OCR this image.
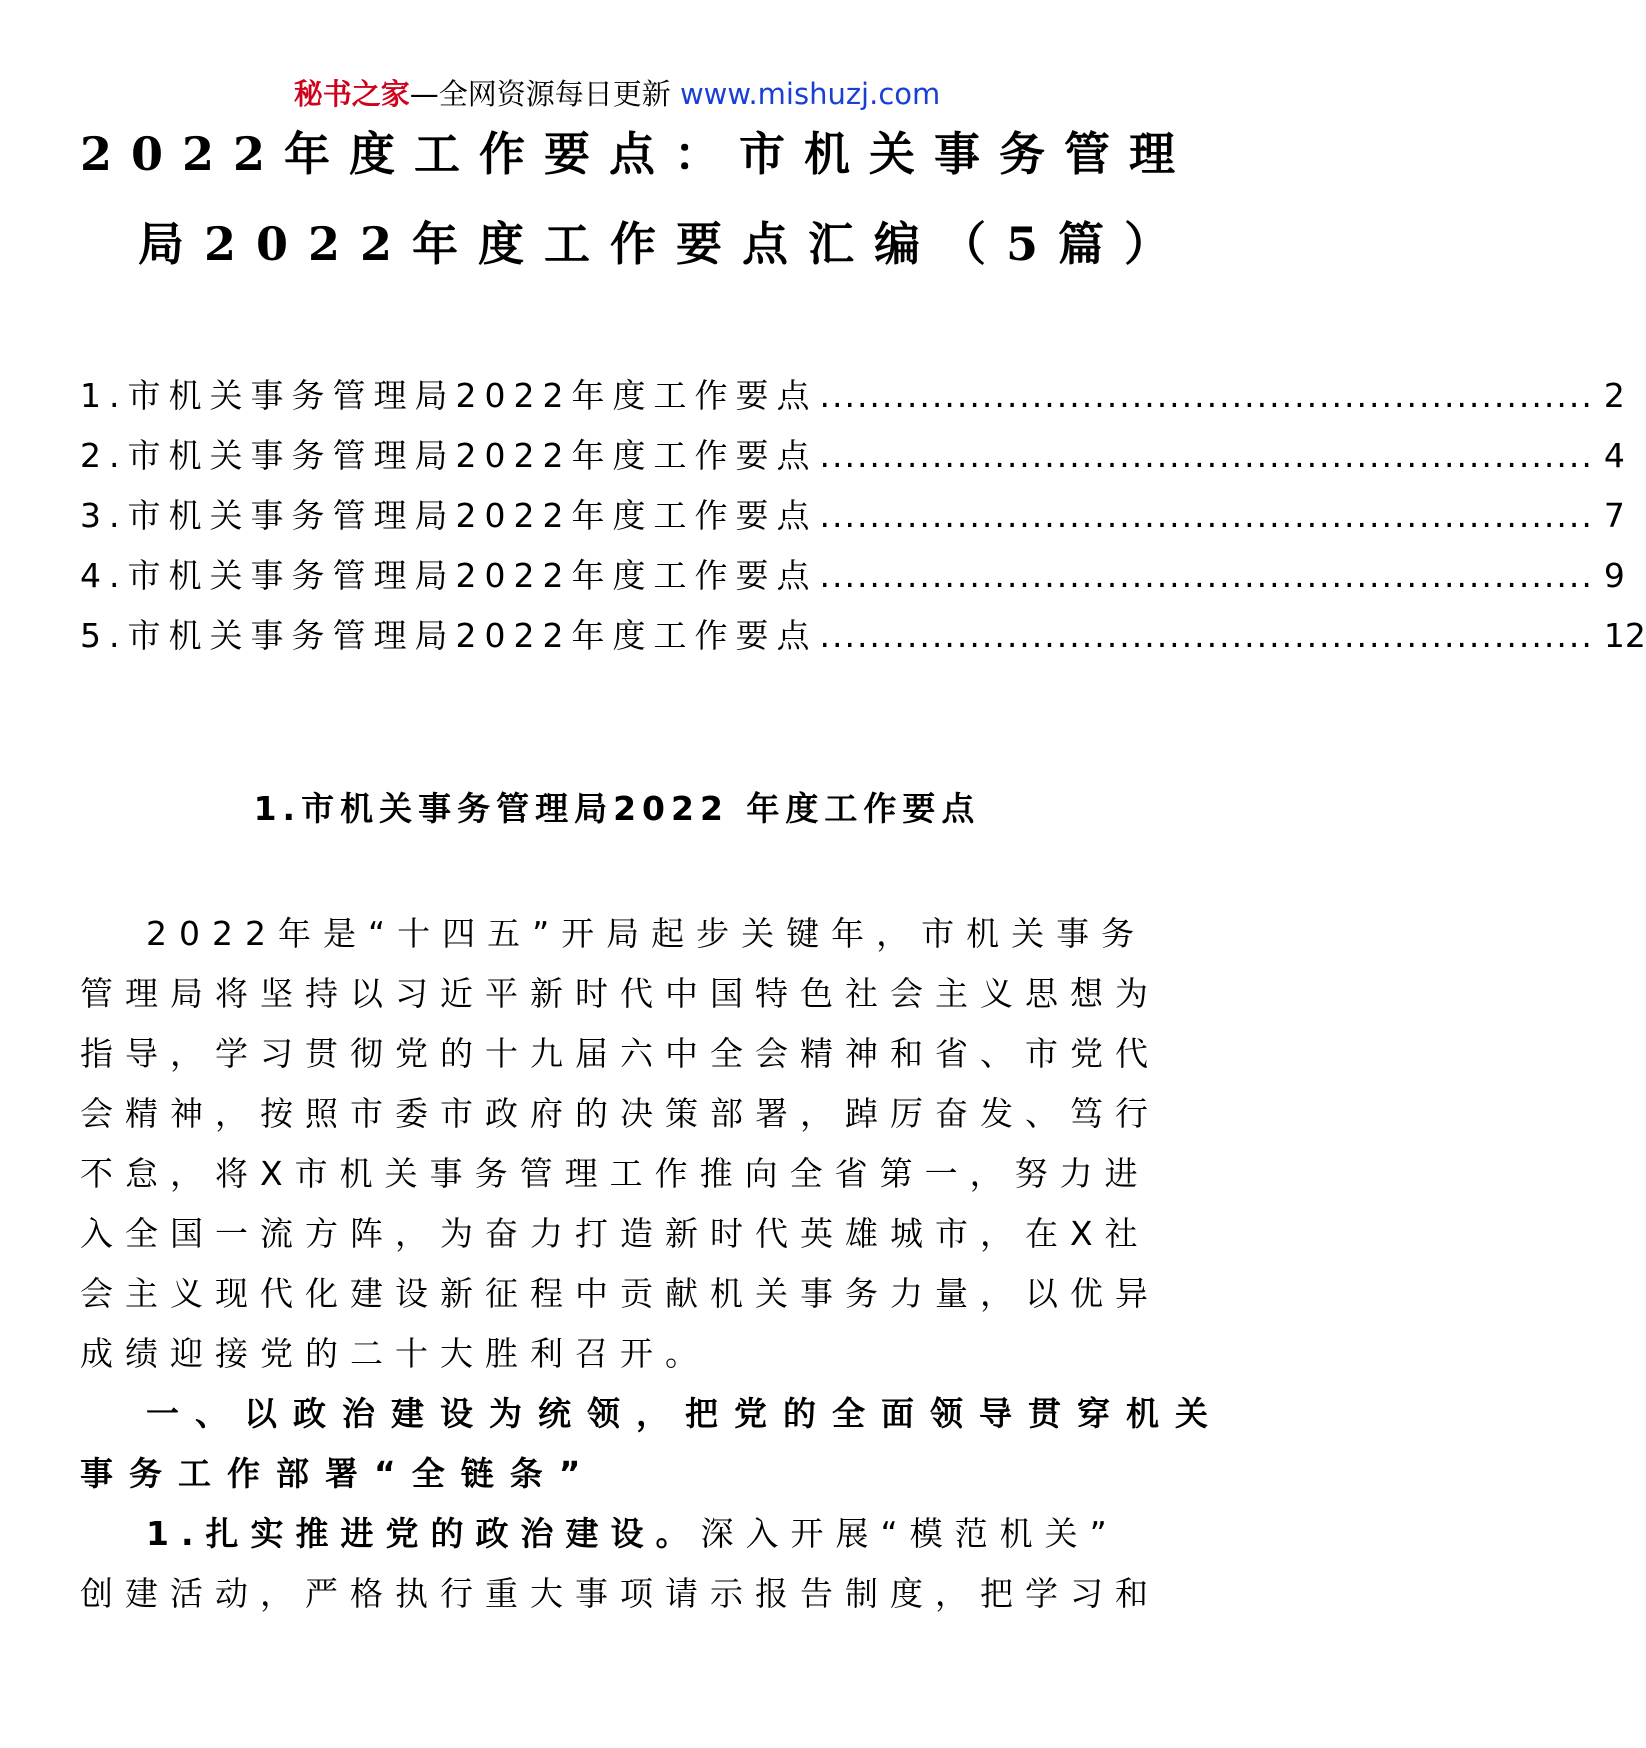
秘书之家—全网资源每日更新 www.mishuzj.com
2022年度工作要点：市机关事务管理
局2022年度工作要点汇编（5篇）
1.市机关事务管理局2022年度工作要点 .............................................................. 2
2.市机关事务管理局2022年度工作要点 .............................................................. 4
3.市机关事务管理局2022年度工作要点 .............................................................. 7
4.市机关事务管理局2022年度工作要点 .............................................................. 9
5.市机关事务管理局2022年度工作要点 .............................................................. 12
1.市机关事务管理局2022 年度工作要点
2022年是“十四五”开局起步关键年，市机关事务
管理局将坚持以习近平新时代中国特色社会主义思想为
指导，学习贯彻党的十九届六中全会精神和省、市党代
会精神，按照市委市政府的决策部署，踔厉奋发、笃行
不怠，将X市机关事务管理工作推向全省第一，努力进
入全国一流方阵，为奋力打造新时代英雄城市，在X社
会主义现代化建设新征程中贡献机关事务力量，以优异
成绩迎接党的二十大胜利召开。
一、以政治建设为统领，把党的全面领导贯穿机关
事务工作部署“全链条”
1.扎实推进党的政治建设。深入开展“模范机关”
创建活动，严格执行重大事项请示报告制度，把学习和
